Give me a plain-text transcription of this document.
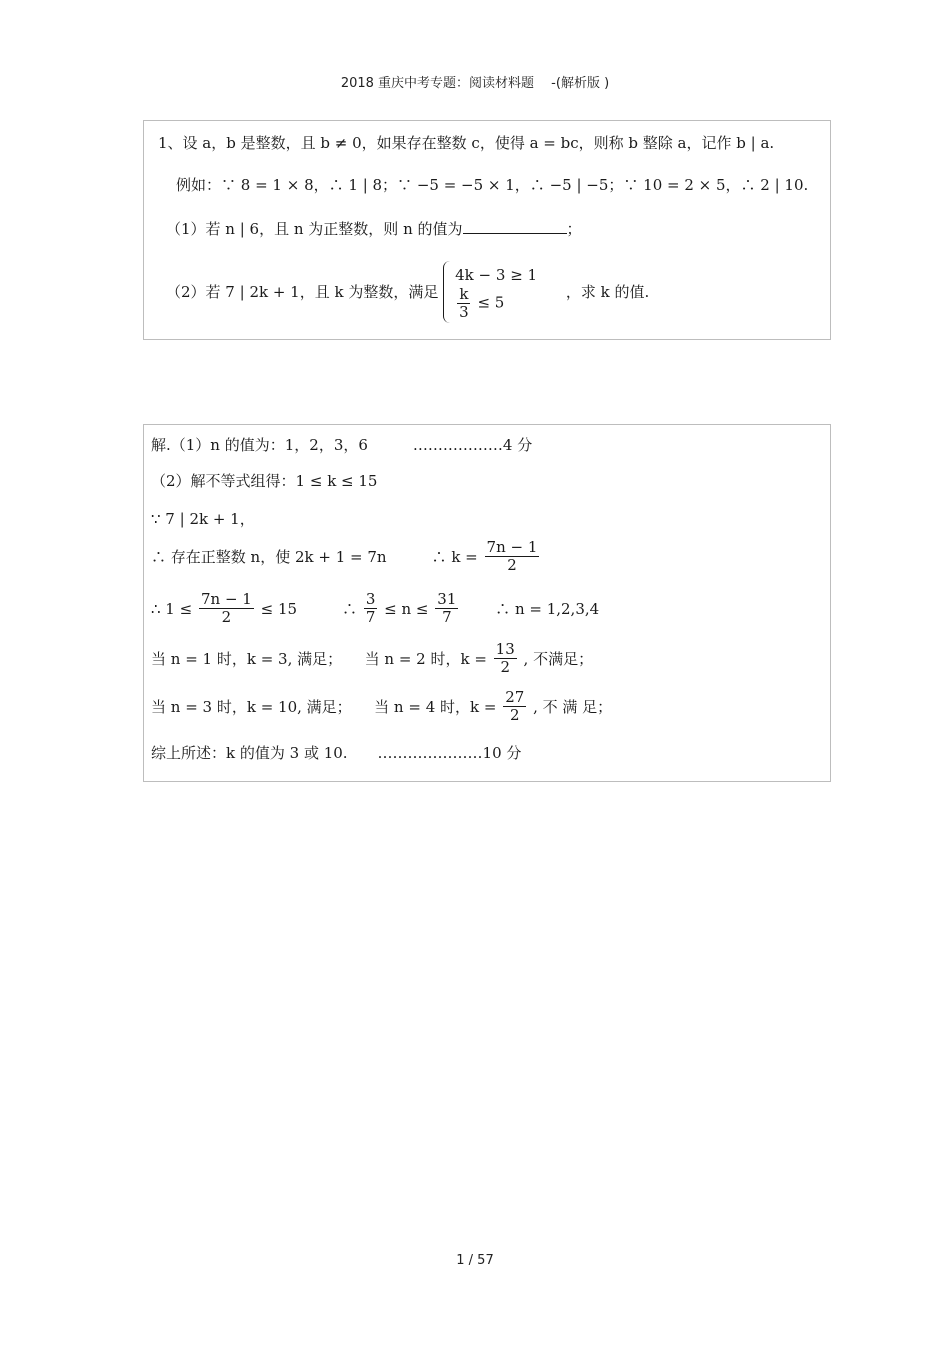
2018 重庆中考专题：阅读材料题 　-(解析版 )
1、设 a，b 是整数，且 b ≠ 0，如果存在整数 c，使得 a = bc，则称 b 整除 a，记作 b | a.
例如：∵ 8 = 1 × 8，∴ 1 | 8；∵ −5 = −5 × 1，∴ −5 | −5；∵ 10 = 2 × 5，∴ 2 | 10.
（1）若 n | 6，且 n 为正整数，则 n 的值为	；
（2）若 7 | 2k + 1，且 k 为整数，满足
4k − 3 ≥ 1
$\frac{k}{3} \le 5$
，求 k 的值.
解.（1）n 的值为：1，2，3，6　　　………………4 分
（2）解不等式组得：1 ≤ k ≤ 15
∵ 7 | 2k + 1，
∴ 存在正整数 n，使 2k + 1 = 7n　　　∴ $k = \frac{7n - 1}{2}$
∴ $1 \le \frac{7n - 1}{2} \le 15$　　　∴ $\frac{3}{7} \le n \le \frac{31}{7}$ 　　∴ n = 1,2,3,4
当 n = 1 时，k = 3, 满足；　　当 n = 2 时，$k = \frac{13}{2}$ , 不满足；
当 n = 3 时，k = 10, 满足；　　当 n = 4 时，$k = \frac{27}{2}$ , 不 满 足；
综上所述：k 的值为 3 或 10.　　…………………10 分
1 / 57
